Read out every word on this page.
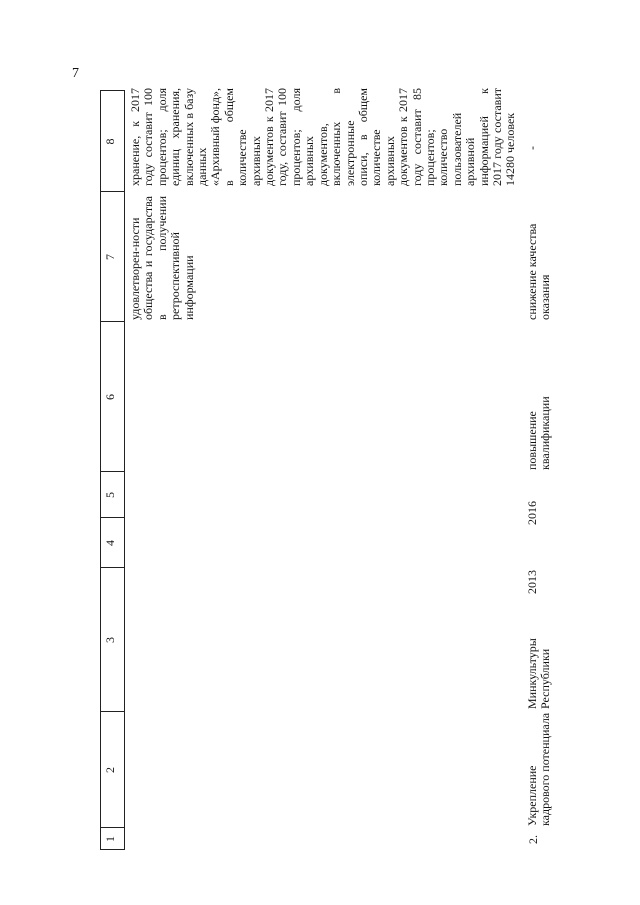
7
1
2
3
4
5
6
7
8
удовлетворен-ности общества и государства в получении ретроспективной информации
хранение, к 2017 году составит 100 процентов; доля единиц хранения, включенных в базу данных «Архивный фонд», в общем количестве архивных документов к 2017 году, составит 100 процентов; доля архивных документов, включенных в электронные описи, в общем количестве архивных документов к 2017 году составит 85 процентов; количество пользователей архивной информацией к 2017 году составит 14280 человек
2.
Укрепление кадрового потенциала
Минкультуры Республики
2013
2016
повышение квалификации
снижение качества оказания
-
